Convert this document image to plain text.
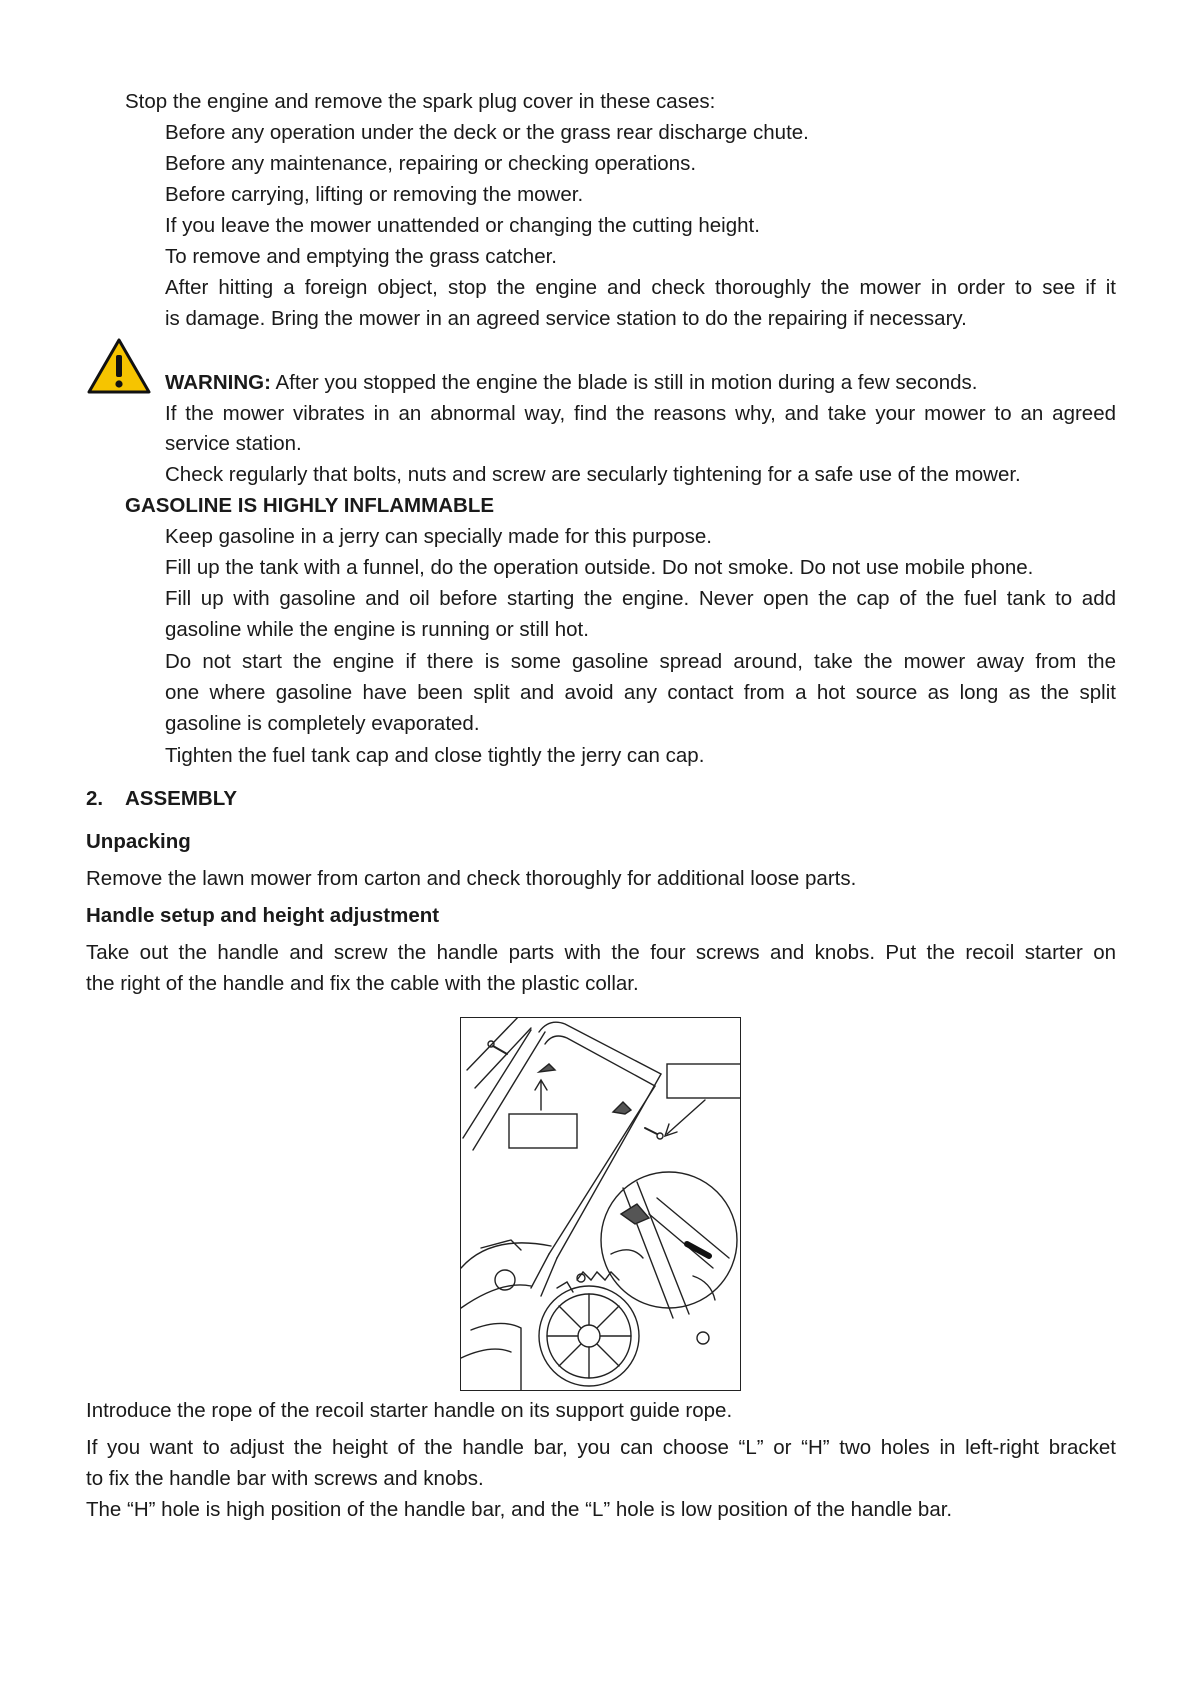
Stop the engine and remove the spark plug cover in these cases:
Before any operation under the deck or the grass rear discharge chute.
Before any maintenance, repairing or checking operations.
Before carrying, lifting or removing the mower.
If you leave the mower unattended or changing the cutting height.
To remove and emptying the grass catcher.
After hitting a foreign object, stop the engine and check thoroughly the mower in order to see if it
is damage. Bring the mower in an agreed service station to do the repairing if necessary.
WARNING: After you stopped the engine the blade is still in motion during a few seconds.
If the mower vibrates in an abnormal way, find the reasons why, and take your mower to an agreed
service station.
Check regularly that bolts, nuts and screw are secularly tightening for a safe use of the mower.
GASOLINE IS HIGHLY INFLAMMABLE
Keep gasoline in a jerry can specially made for this purpose.
Fill up the tank with a funnel, do the operation outside. Do not smoke. Do not use mobile phone.
Fill up with gasoline and oil before starting the engine. Never open the cap of the fuel tank to add
gasoline while the engine is running or still hot.
Do not start the engine if there is some gasoline spread around, take the mower away from the
one where gasoline have been split and avoid any contact from a hot source as long as the split
gasoline is completely evaporated.
Tighten the fuel tank cap and close tightly the jerry can cap.
2. ASSEMBLY
Unpacking
Remove the lawn mower from carton and check thoroughly for additional loose parts.
Handle setup and height adjustment
Take out the handle and screw the handle parts with the four screws and knobs. Put the recoil starter on
the right of the handle and fix the cable with the plastic collar.
Introduce the rope of the recoil starter handle on its support guide rope.
If you want to adjust the height of the handle bar, you can choose “L” or “H” two holes in left-right bracket
to fix the handle bar with screws and knobs.
The “H” hole is high position of the handle bar, and the “L” hole is low position of the handle bar.
